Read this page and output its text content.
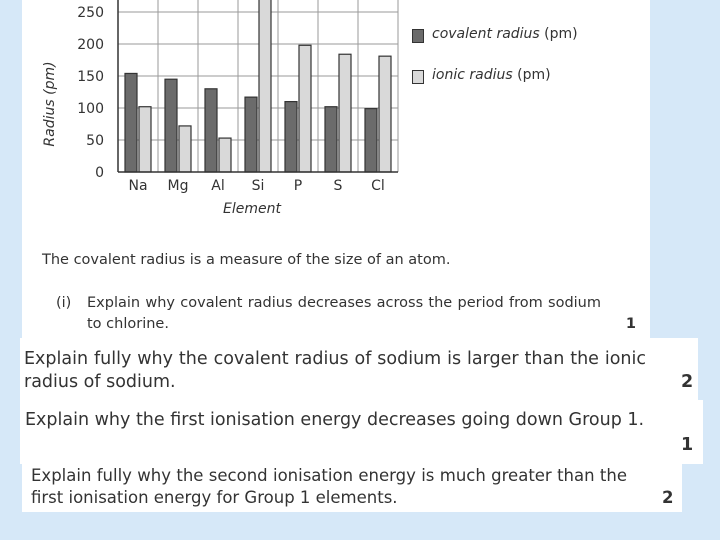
Na Mg Al Si P S Cl
0
50
100
150
200
250
Radius (pm)
Element
covalent radius (pm)
ionic radius (pm)
The covalent radius is a measure of the size of an atom.
(i) Explain why covalent radius decreases across the period from sodium to chlorine.	1
Explain fully why the covalent radius of sodium is larger than the ionic radius of sodium.	2
Explain why the first ionisation energy decreases going down Group 1.
1
Explain fully why the second ionisation energy is much greater than the first ionisation energy for Group 1 elements.	2
